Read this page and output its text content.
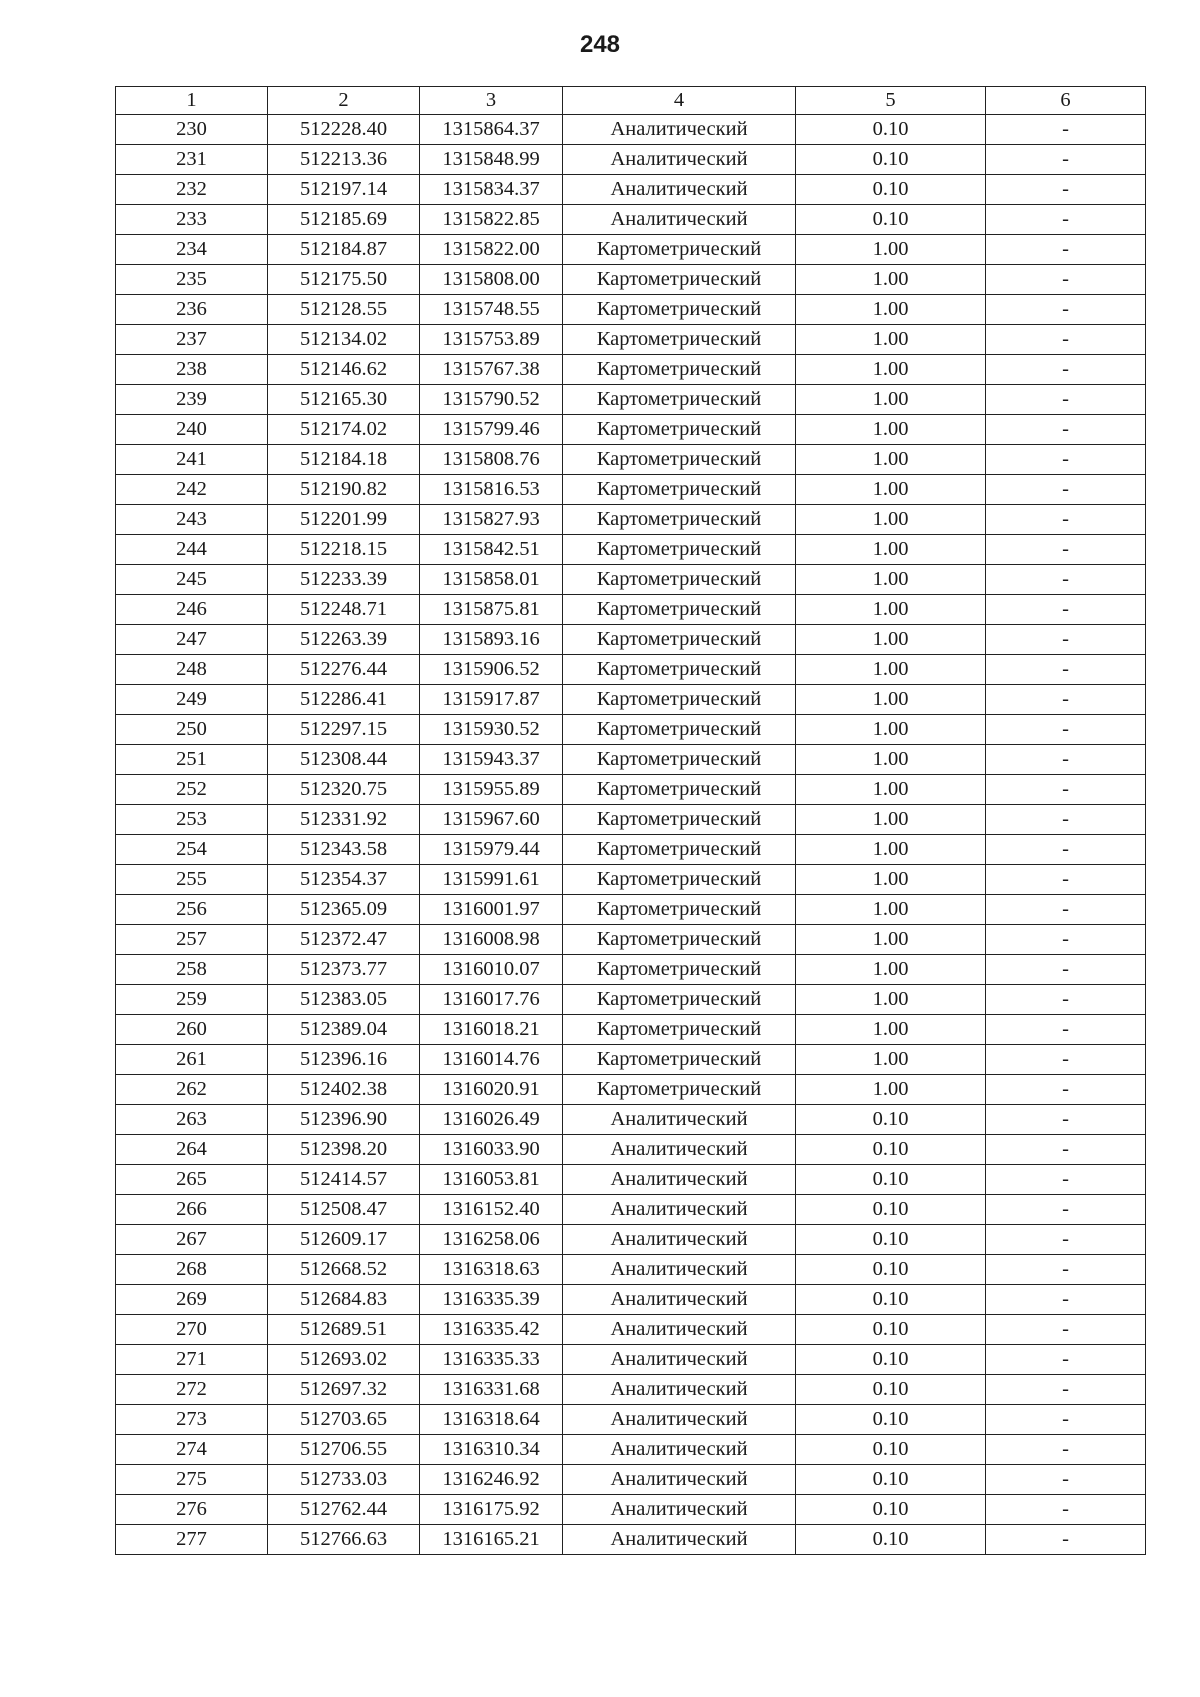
248
1	2	3	4	5	6
230	512228.40	1315864.37	Аналитический	0.10	-
231	512213.36	1315848.99	Аналитический	0.10	-
232	512197.14	1315834.37	Аналитический	0.10	-
233	512185.69	1315822.85	Аналитический	0.10	-
234	512184.87	1315822.00	Картометрический	1.00	-
235	512175.50	1315808.00	Картометрический	1.00	-
236	512128.55	1315748.55	Картометрический	1.00	-
237	512134.02	1315753.89	Картометрический	1.00	-
238	512146.62	1315767.38	Картометрический	1.00	-
239	512165.30	1315790.52	Картометрический	1.00	-
240	512174.02	1315799.46	Картометрический	1.00	-
241	512184.18	1315808.76	Картометрический	1.00	-
242	512190.82	1315816.53	Картометрический	1.00	-
243	512201.99	1315827.93	Картометрический	1.00	-
244	512218.15	1315842.51	Картометрический	1.00	-
245	512233.39	1315858.01	Картометрический	1.00	-
246	512248.71	1315875.81	Картометрический	1.00	-
247	512263.39	1315893.16	Картометрический	1.00	-
248	512276.44	1315906.52	Картометрический	1.00	-
249	512286.41	1315917.87	Картометрический	1.00	-
250	512297.15	1315930.52	Картометрический	1.00	-
251	512308.44	1315943.37	Картометрический	1.00	-
252	512320.75	1315955.89	Картометрический	1.00	-
253	512331.92	1315967.60	Картометрический	1.00	-
254	512343.58	1315979.44	Картометрический	1.00	-
255	512354.37	1315991.61	Картометрический	1.00	-
256	512365.09	1316001.97	Картометрический	1.00	-
257	512372.47	1316008.98	Картометрический	1.00	-
258	512373.77	1316010.07	Картометрический	1.00	-
259	512383.05	1316017.76	Картометрический	1.00	-
260	512389.04	1316018.21	Картометрический	1.00	-
261	512396.16	1316014.76	Картометрический	1.00	-
262	512402.38	1316020.91	Картометрический	1.00	-
263	512396.90	1316026.49	Аналитический	0.10	-
264	512398.20	1316033.90	Аналитический	0.10	-
265	512414.57	1316053.81	Аналитический	0.10	-
266	512508.47	1316152.40	Аналитический	0.10	-
267	512609.17	1316258.06	Аналитический	0.10	-
268	512668.52	1316318.63	Аналитический	0.10	-
269	512684.83	1316335.39	Аналитический	0.10	-
270	512689.51	1316335.42	Аналитический	0.10	-
271	512693.02	1316335.33	Аналитический	0.10	-
272	512697.32	1316331.68	Аналитический	0.10	-
273	512703.65	1316318.64	Аналитический	0.10	-
274	512706.55	1316310.34	Аналитический	0.10	-
275	512733.03	1316246.92	Аналитический	0.10	-
276	512762.44	1316175.92	Аналитический	0.10	-
277	512766.63	1316165.21	Аналитический	0.10	-
